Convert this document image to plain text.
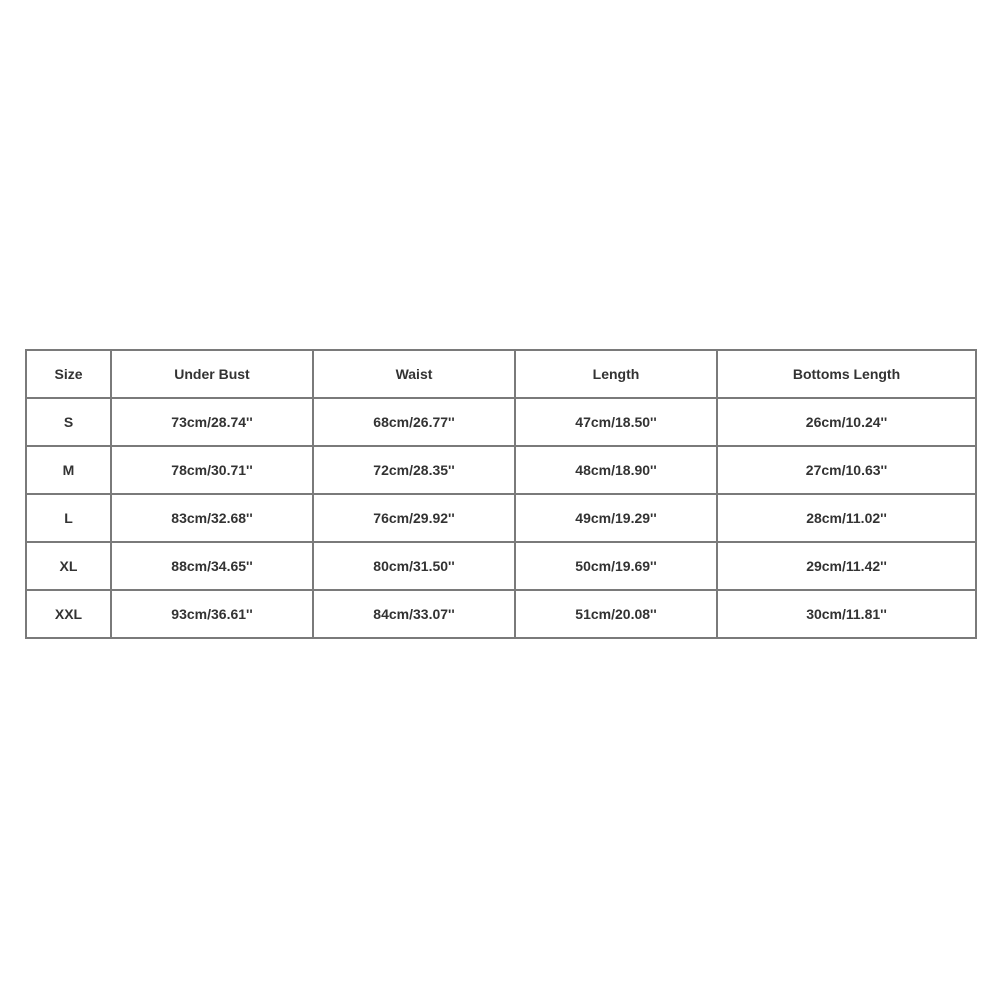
Size	Under Bust	Waist	Length	Bottoms Length
S	73cm/28.74''	68cm/26.77''	47cm/18.50''	26cm/10.24''
M	78cm/30.71''	72cm/28.35''	48cm/18.90''	27cm/10.63''
L	83cm/32.68''	76cm/29.92''	49cm/19.29''	28cm/11.02''
XL	88cm/34.65''	80cm/31.50''	50cm/19.69''	29cm/11.42''
XXL	93cm/36.61''	84cm/33.07''	51cm/20.08''	30cm/11.81''
